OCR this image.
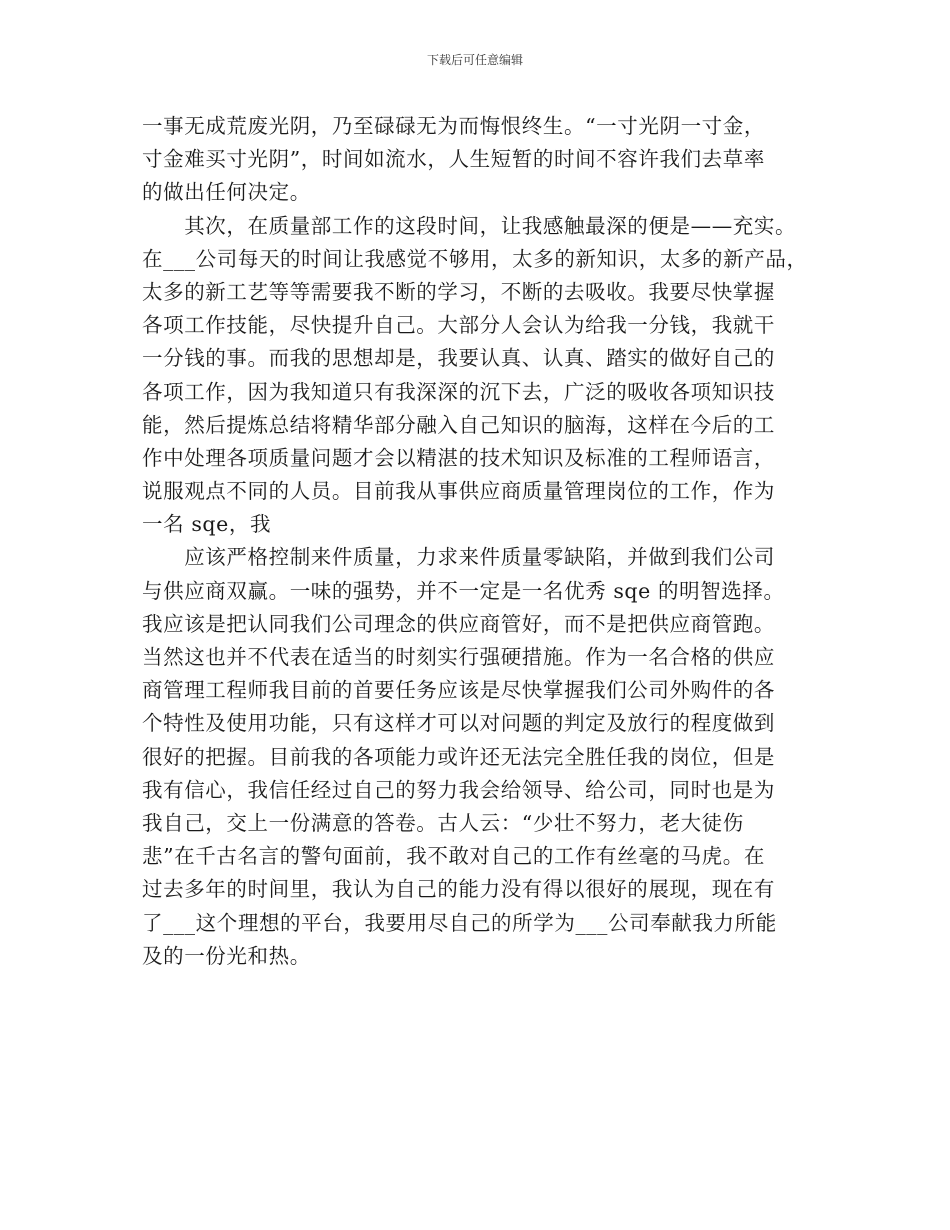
下载后可任意编辑
一事无成荒废光阴，乃至碌碌无为而悔恨终生。“一寸光阴一寸金，
寸金难买寸光阴”，时间如流水，人生短暂的时间不容许我们去草率
的做出任何决定。
　　其次，在质量部工作的这段时间，让我感触最深的便是——充实。
在___公司每天的时间让我感觉不够用，太多的新知识，太多的新产品，
太多的新工艺等等需要我不断的学习，不断的去吸收。我要尽快掌握
各项工作技能，尽快提升自己。大部分人会认为给我一分钱，我就干
一分钱的事。而我的思想却是，我要认真、认真、踏实的做好自己的
各项工作，因为我知道只有我深深的沉下去，广泛的吸收各项知识技
能，然后提炼总结将精华部分融入自己知识的脑海，这样在今后的工
作中处理各项质量问题才会以精湛的技术知识及标准的工程师语言，
说服观点不同的人员。目前我从事供应商质量管理岗位的工作，作为
一名 sqe，我
　　应该严格控制来件质量，力求来件质量零缺陷，并做到我们公司
与供应商双赢。一味的强势，并不一定是一名优秀 sqe 的明智选择。
我应该是把认同我们公司理念的供应商管好，而不是把供应商管跑。
当然这也并不代表在适当的时刻实行强硬措施。作为一名合格的供应
商管理工程师我目前的首要任务应该是尽快掌握我们公司外购件的各
个特性及使用功能，只有这样才可以对问题的判定及放行的程度做到
很好的把握。目前我的各项能力或许还无法完全胜任我的岗位，但是
我有信心，我信任经过自己的努力我会给领导、给公司，同时也是为
我自己，交上一份满意的答卷。古人云：“少壮不努力，老大徒伤
悲”在千古名言的警句面前，我不敢对自己的工作有丝毫的马虎。在
过去多年的时间里，我认为自己的能力没有得以很好的展现，现在有
了___这个理想的平台，我要用尽自己的所学为___公司奉献我力所能
及的一份光和热。
